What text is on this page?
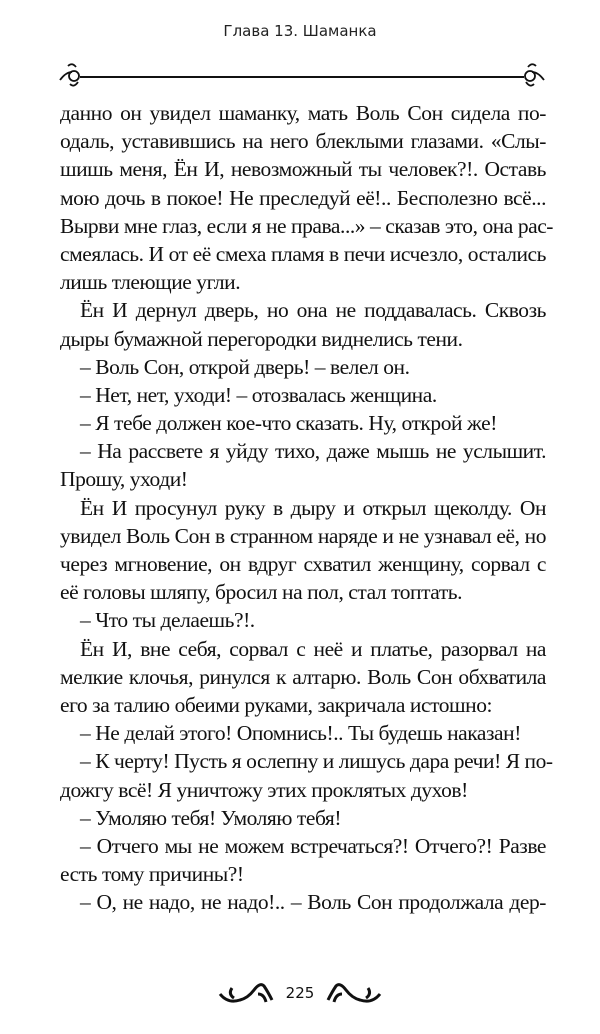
Глава 13. Шаманка
данно он увидел шаманку, мать Воль Сон сидела по-
одаль, уставившись на него блеклыми глазами. «Слы-
шишь меня, Ён И, невозможный ты человек?!. Оставь
мою дочь в покое! Не преследуй её!.. Бесполезно всё...
Вырви мне глаз, если я не права...» – сказав это, она рас-
смеялась. И от её смеха пламя в печи исчезло, остались
лишь тлеющие угли.
Ён И дернул дверь, но она не поддавалась. Сквозь
дыры бумажной перегородки виднелись тени.
– Воль Сон, открой дверь! – велел он.
– Нет, нет, уходи! – отозвалась женщина.
– Я тебе должен кое-что сказать. Ну, открой же!
– На рассвете я уйду тихо, даже мышь не услышит.
Прошу, уходи!
Ён И просунул руку в дыру и открыл щеколду. Он
увидел Воль Сон в странном наряде и не узнавал её, но
через мгновение, он вдруг схватил женщину, сорвал с
её головы шляпу, бросил на пол, стал топтать.
– Что ты делаешь?!.
Ён И, вне себя, сорвал с неё и платье, разорвал на
мелкие клочья, ринулся к алтарю. Воль Сон обхватила
его за талию обеими руками, закричала истошно:
– Не делай этого! Опомнись!.. Ты будешь наказан!
– К черту! Пусть я ослепну и лишусь дара речи! Я по-
дожгу всё! Я уничтожу этих проклятых духов!
– Умоляю тебя! Умоляю тебя!
– Отчего мы не можем встречаться?! Отчего?! Разве
есть тому причины?!
– О, не надо, не надо!.. – Воль Сон продолжала дер-
225
